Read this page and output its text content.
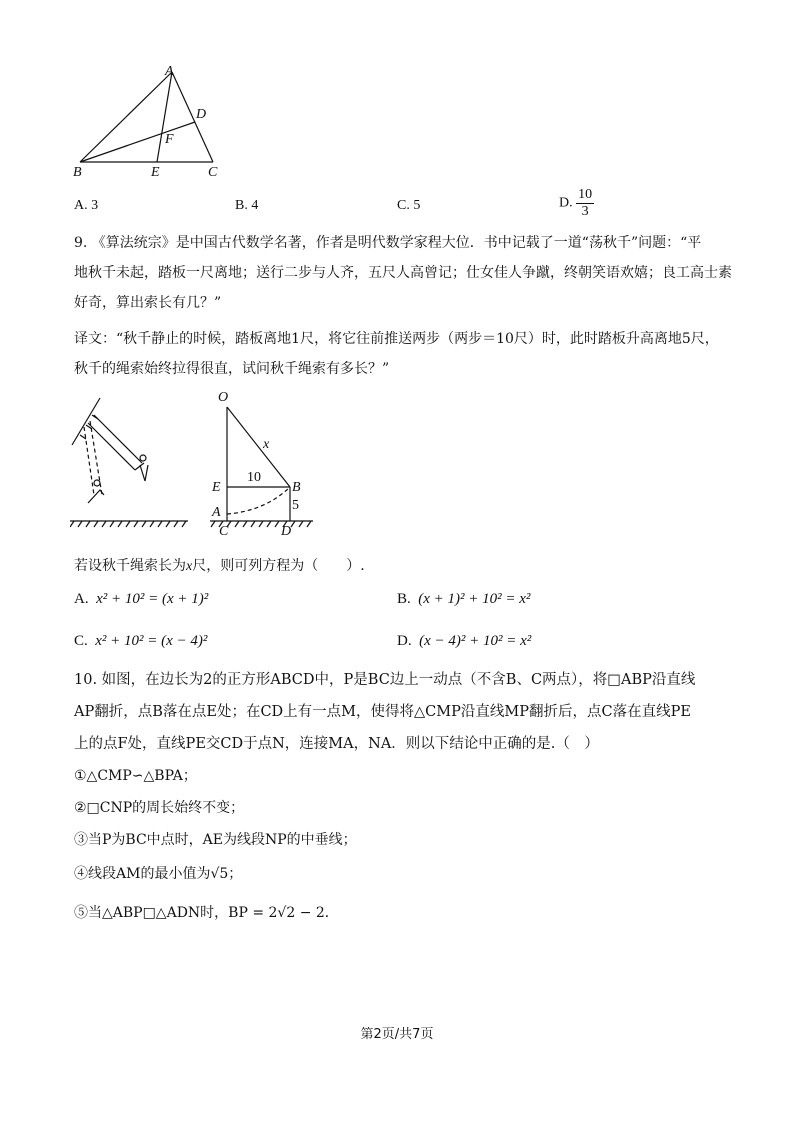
A
D
F
B	E	C
A. 3	B. 4	C. 5	D. $\frac{10}{3}$
9. 《算法统宗》是中国古代数学名著，作者是明代数学家程大位．书中记载了一道“荡秋千”问题：“平
地秋千未起，踏板一尺离地；送行二步与人齐，五尺人高曾记；仕女佳人争蹴，终朝笑语欢嬉；良工高士素
好奇，算出索长有几？”
译文：“秋千静止的时候，踏板离地1尺，将它往前推送两步（两步＝10尺）时，此时踏板升高离地5尺，
秋千的绳索始终拉得很直，试问秋千绳索有多长？”
O
x
10
E	B
5
A
C	D
若设秋千绳索长为x尺，则可列方程为（　　）.
A. x² + 10² = (x + 1)²	B. (x + 1)² + 10² = x²
C. x² + 10² = (x − 4)²	D. (x − 4)² + 10² = x²
10. 如图，在边长为2的正方形ABCD中，P是BC边上一动点（不含B、C两点），将□ABP沿直线
AP翻折，点B落在点E处；在CD上有一点M，使得将△CMP沿直线MP翻折后，点C落在直线PE
上的点F处，直线PE交CD于点N，连接MA，NA．则以下结论中正确的是.（　）
①△CMP∽△BPA；
②□CNP的周长始终不变；
③当P为BC中点时，AE为线段NP的中垂线；
④线段AM的最小值为√5；
⑤当△ABP□△ADN时，BP = 2√2 − 2．
第2页/共7页
